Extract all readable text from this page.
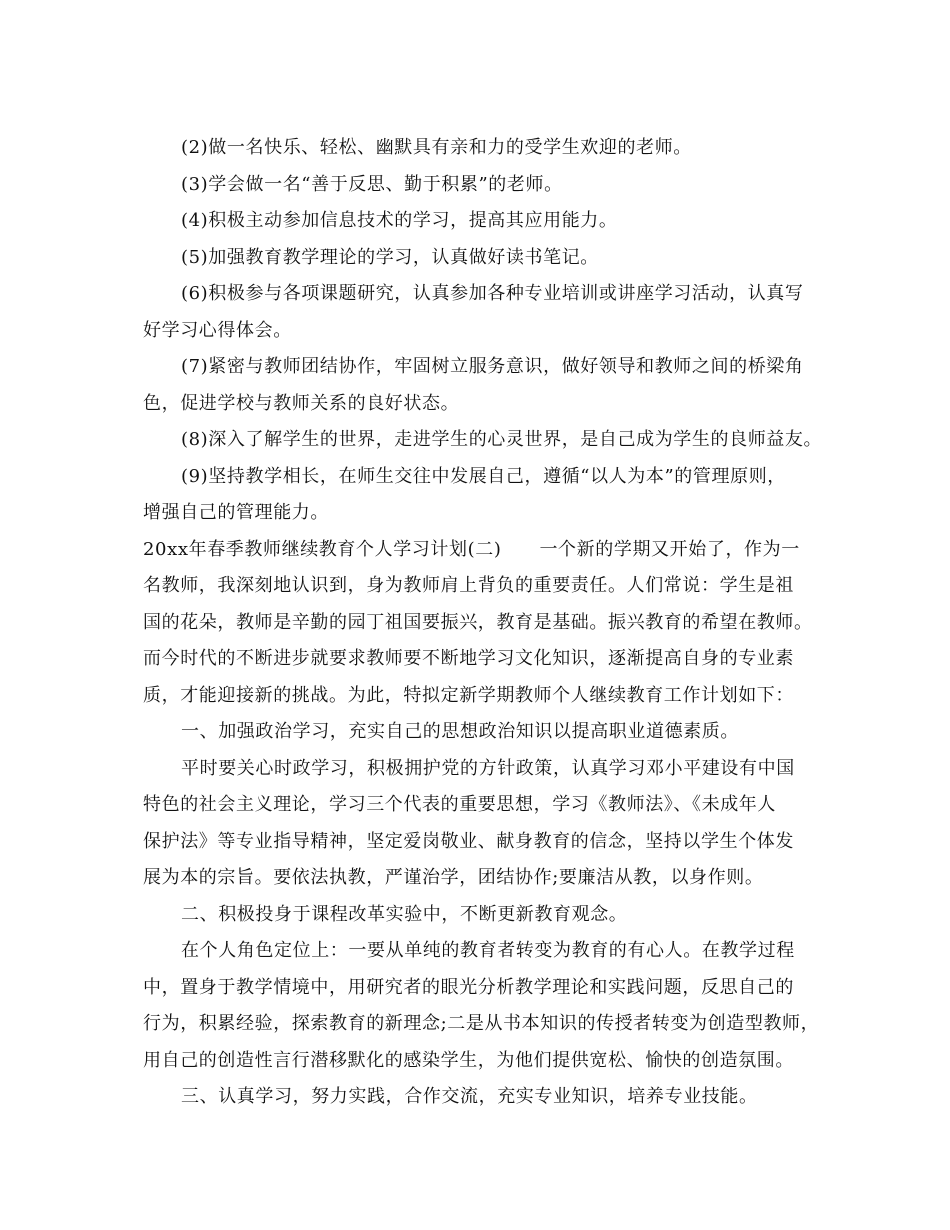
(2)做一名快乐、轻松、幽默具有亲和力的受学生欢迎的老师。
(3)学会做一名“善于反思、勤于积累”的老师。
(4)积极主动参加信息技术的学习，提高其应用能力。
(5)加强教育教学理论的学习，认真做好读书笔记。
(6)积极参与各项课题研究，认真参加各种专业培训或讲座学习活动，认真写
好学习心得体会。
(7)紧密与教师团结协作，牢固树立服务意识，做好领导和教师之间的桥梁角
色，促进学校与教师关系的良好状态。
(8)深入了解学生的世界，走进学生的心灵世界，是自己成为学生的良师益友。
(9)坚持教学相长，在师生交往中发展自己，遵循“以人为本”的管理原则，
增强自己的管理能力。
20xx年春季教师继续教育个人学习计划(二) 一个新的学期又开始了，作为一
名教师，我深刻地认识到，身为教师肩上背负的重要责任。人们常说：学生是祖
国的花朵，教师是辛勤的园丁祖国要振兴，教育是基础。振兴教育的希望在教师。
而今时代的不断进步就要求教师要不断地学习文化知识，逐渐提高自身的专业素
质，才能迎接新的挑战。为此，特拟定新学期教师个人继续教育工作计划如下：
一、加强政治学习，充实自己的思想政治知识以提高职业道德素质。
平时要关心时政学习，积极拥护党的方针政策，认真学习邓小平建设有中国
特色的社会主义理论，学习三个代表的重要思想，学习《教师法》、《未成年人
保护法》等专业指导精神，坚定爱岗敬业、献身教育的信念，坚持以学生个体发
展为本的宗旨。要依法执教，严谨治学，团结协作;要廉洁从教，以身作则。
二、积极投身于课程改革实验中，不断更新教育观念。
在个人角色定位上：一要从单纯的教育者转变为教育的有心人。在教学过程
中，置身于教学情境中，用研究者的眼光分析教学理论和实践问题，反思自己的
行为，积累经验，探索教育的新理念;二是从书本知识的传授者转变为创造型教师，
用自己的创造性言行潜移默化的感染学生，为他们提供宽松、愉快的创造氛围。
三、认真学习，努力实践，合作交流，充实专业知识，培养专业技能。
